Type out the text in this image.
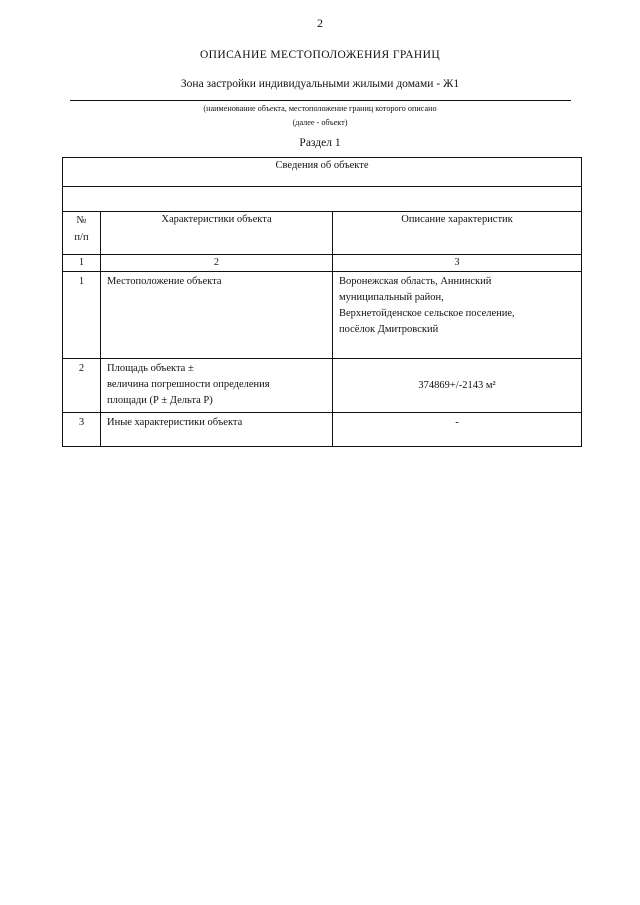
2
ОПИСАНИЕ МЕСТОПОЛОЖЕНИЯ ГРАНИЦ
Зона застройки индивидуальными жилыми домами - Ж1
(наименование объекта, местоположение границ которого описано
(далее - объект)
Раздел 1
Сведения об объекте		

№
п/п	Характеристики объекта	Описание характеристик
1	2	3
1	Местоположение объекта	Воронежская область, Аннинский
муниципальный район,
Верхнетойденское сельское поселение,
посёлок Дмитровский

2	Площадь объекта ±
величина погрешности определения
площади (Р ± Дельта Р)	374869+/-2143 м²
3	Иные характеристики объекта	-
